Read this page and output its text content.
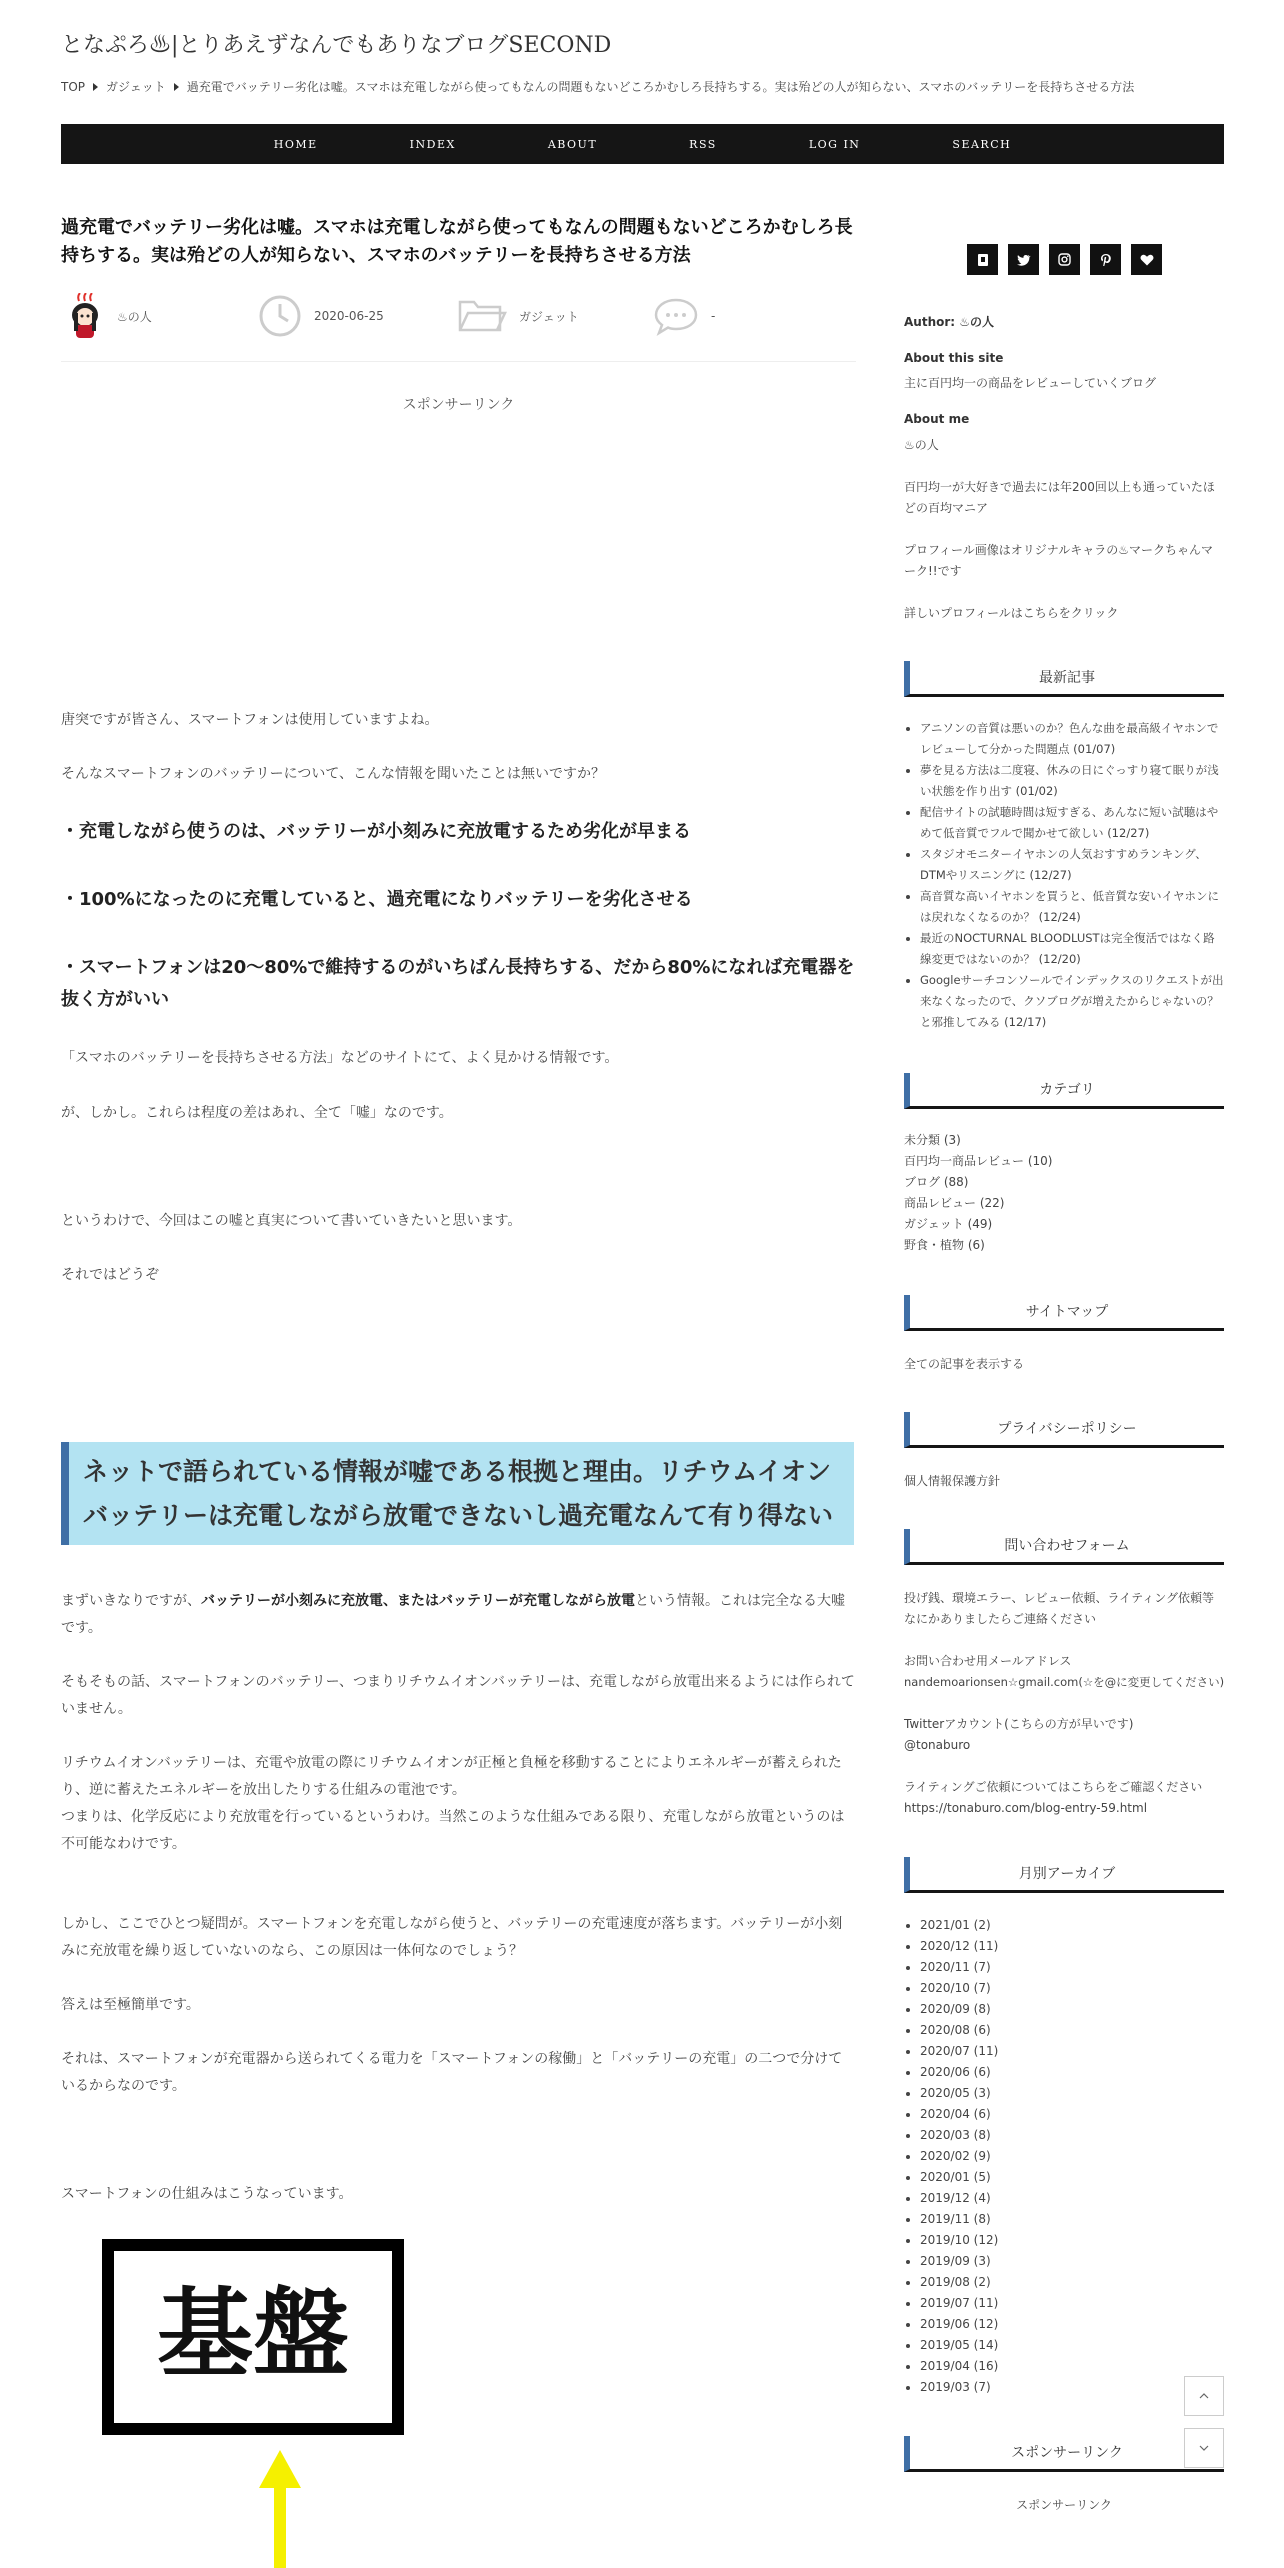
となぷろ♨|とりあえずなんでもありなブログSECOND
TOP ガジェット 過充電でバッテリー劣化は嘘。スマホは充電しながら使ってもなんの問題もないどころかむしろ長持ちする。実は殆どの人が知らない、スマホのバッテリーを長持ちさせる方法
HOME	INDEX	ABOUT	RSS	LOG IN	SEARCH
過充電でバッテリー劣化は嘘。スマホは充電しながら使ってもなんの問題もないどころかむしろ長持ちする。実は殆どの人が知らない、スマホのバッテリーを長持ちさせる方法
♨の人	2020-06-25	ガジェット	-
スポンサーリンク
唐突ですが皆さん、スマートフォンは使用していますよね。
そんなスマートフォンのバッテリーについて、こんな情報を聞いたことは無いですか？
・充電しながら使うのは、バッテリーが小刻みに充放電するため劣化が早まる
・100%になったのに充電していると、過充電になりバッテリーを劣化させる
・スマートフォンは20～80%で維持するのがいちばん長持ちする、だから80%になれば充電器を抜く方がいい
「スマホのバッテリーを長持ちさせる方法」などのサイトにて、よく見かける情報です。
が、しかし。これらは程度の差はあれ、全て「嘘」なのです。
というわけで、今回はこの嘘と真実について書いていきたいと思います。
それではどうぞ
ネットで語られている情報が嘘である根拠と理由。リチウムイオンバッテリーは充電しながら放電できないし過充電なんて有り得ない
まずいきなりですが、バッテリーが小刻みに充放電、またはバッテリーが充電しながら放電という情報。これは完全なる大嘘です。
そもそもの話、スマートフォンのバッテリー、つまりリチウムイオンバッテリーは、充電しながら放電出来るようには作られていません。
リチウムイオンバッテリーは、充電や放電の際にリチウムイオンが正極と負極を移動することによりエネルギーが蓄えられたり、逆に蓄えたエネルギーを放出したりする仕組みの電池です。
つまりは、化学反応により充放電を行っているというわけ。当然このような仕組みである限り、充電しながら放電というのは不可能なわけです。
しかし、ここでひとつ疑問が。スマートフォンを充電しながら使うと、バッテリーの充電速度が落ちます。バッテリーが小刻みに充放電を繰り返していないのなら、この原因は一体何なのでしょう？
答えは至極簡単です。
それは、スマートフォンが充電器から送られてくる電力を「スマートフォンの稼働」と「バッテリーの充電」の二つで分けているからなのです。
スマートフォンの仕組みはこうなっています。
基盤
Author: ♨の人
About this site
主に百円均一の商品をレビューしていくブログ
About me
♨の人
百円均一が大好きで過去には年200回以上も通っていたほどの百均マニア
プロフィール画像はオリジナルキャラの♨マークちゃんマーク!!です
詳しいプロフィールはこちらをクリック
最新記事
• アニソンの音質は悪いのか？色んな曲を最高級イヤホンでレビューして分かった問題点 (01/07)
• 夢を見る方法は二度寝、休みの日にぐっすり寝て眠りが浅い状態を作り出す (01/02)
• 配信サイトの試聴時間は短すぎる、あんなに短い試聴はやめて低音質でフルで聞かせて欲しい (12/27)
• スタジオモニターイヤホンの人気おすすめランキング、DTMやリスニングに (12/27)
• 高音質な高いイヤホンを買うと、低音質な安いイヤホンには戻れなくなるのか？ (12/24)
• 最近のNOCTURNAL BLOODLUSTは完全復活ではなく路線変更ではないのか？ (12/20)
• Googleサーチコンソールでインデックスのリクエストが出来なくなったので、クソブログが増えたからじゃないの？と邪推してみる (12/17)
カテゴリ
未分類 (3)
百円均一商品レビュー (10)
ブログ (88)
商品レビュー (22)
ガジェット (49)
野食・植物 (6)
サイトマップ
全ての記事を表示する
プライバシーポリシー
個人情報保護方針
問い合わせフォーム
投げ銭、環境エラー、レビュー依頼、ライティング依頼等なにかありましたらご連絡ください
お問い合わせ用メールアドレス
nandemoarionsen☆gmail.com(☆を@に変更してください)
Twitterアカウント(こちらの方が早いです)
@tonaburo
ライティングご依頼についてはこちらをご確認ください
https://tonaburo.com/blog-entry-59.html
月別アーカイブ
• 2021/01 (2)
• 2020/12 (11)
• 2020/11 (7)
• 2020/10 (7)
• 2020/09 (8)
• 2020/08 (6)
• 2020/07 (11)
• 2020/06 (6)
• 2020/05 (3)
• 2020/04 (6)
• 2020/03 (8)
• 2020/02 (9)
• 2020/01 (5)
• 2019/12 (4)
• 2019/11 (8)
• 2019/10 (12)
• 2019/09 (3)
• 2019/08 (2)
• 2019/07 (11)
• 2019/06 (12)
• 2019/05 (14)
• 2019/04 (16)
• 2019/03 (7)
スポンサーリンク
スポンサーリンク
